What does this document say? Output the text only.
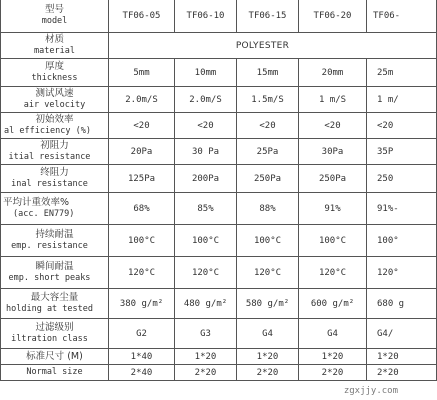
型号
model	TF06-05	TF06-10	TF06-15	TF06-20	TF06-

材质
material	POLYESTER				

厚度
thickness	5mm	10mm	15mm	20mm	25m

测试风速
air velocity	2.0m/S	2.0m/S	1.5m/S	1 m/S	1 m/

初始效率
al efficiency (%)	<20	<20	<20	<20	<20

初阻力
itial resistance	20Pa	30 Pa	25Pa	30Pa	35P

终阻力
inal resistance	125Pa	200Pa	250Pa	250Pa	250

平均计重效率%
(acc. EN779)	68%	85%	88%	91%	91%-

持续耐温
emp. resistance	100°C	100°C	100°C	100°C	100°

瞬间耐温
emp. short peaks	120°C	120°C	120°C	120°C	120°

最大容尘量
holding at tested	380 g/m²	480 g/m²	580 g/m²	600 g/m²	680 g

过滤级别
iltration class	G2	G3	G4	G4	G4/

标准尺寸 (M)	1*40	1*20	1*20	1*20	1*20

Normal size	2*40	2*20	2*20	2*20	2*20
zgxjjy.com
